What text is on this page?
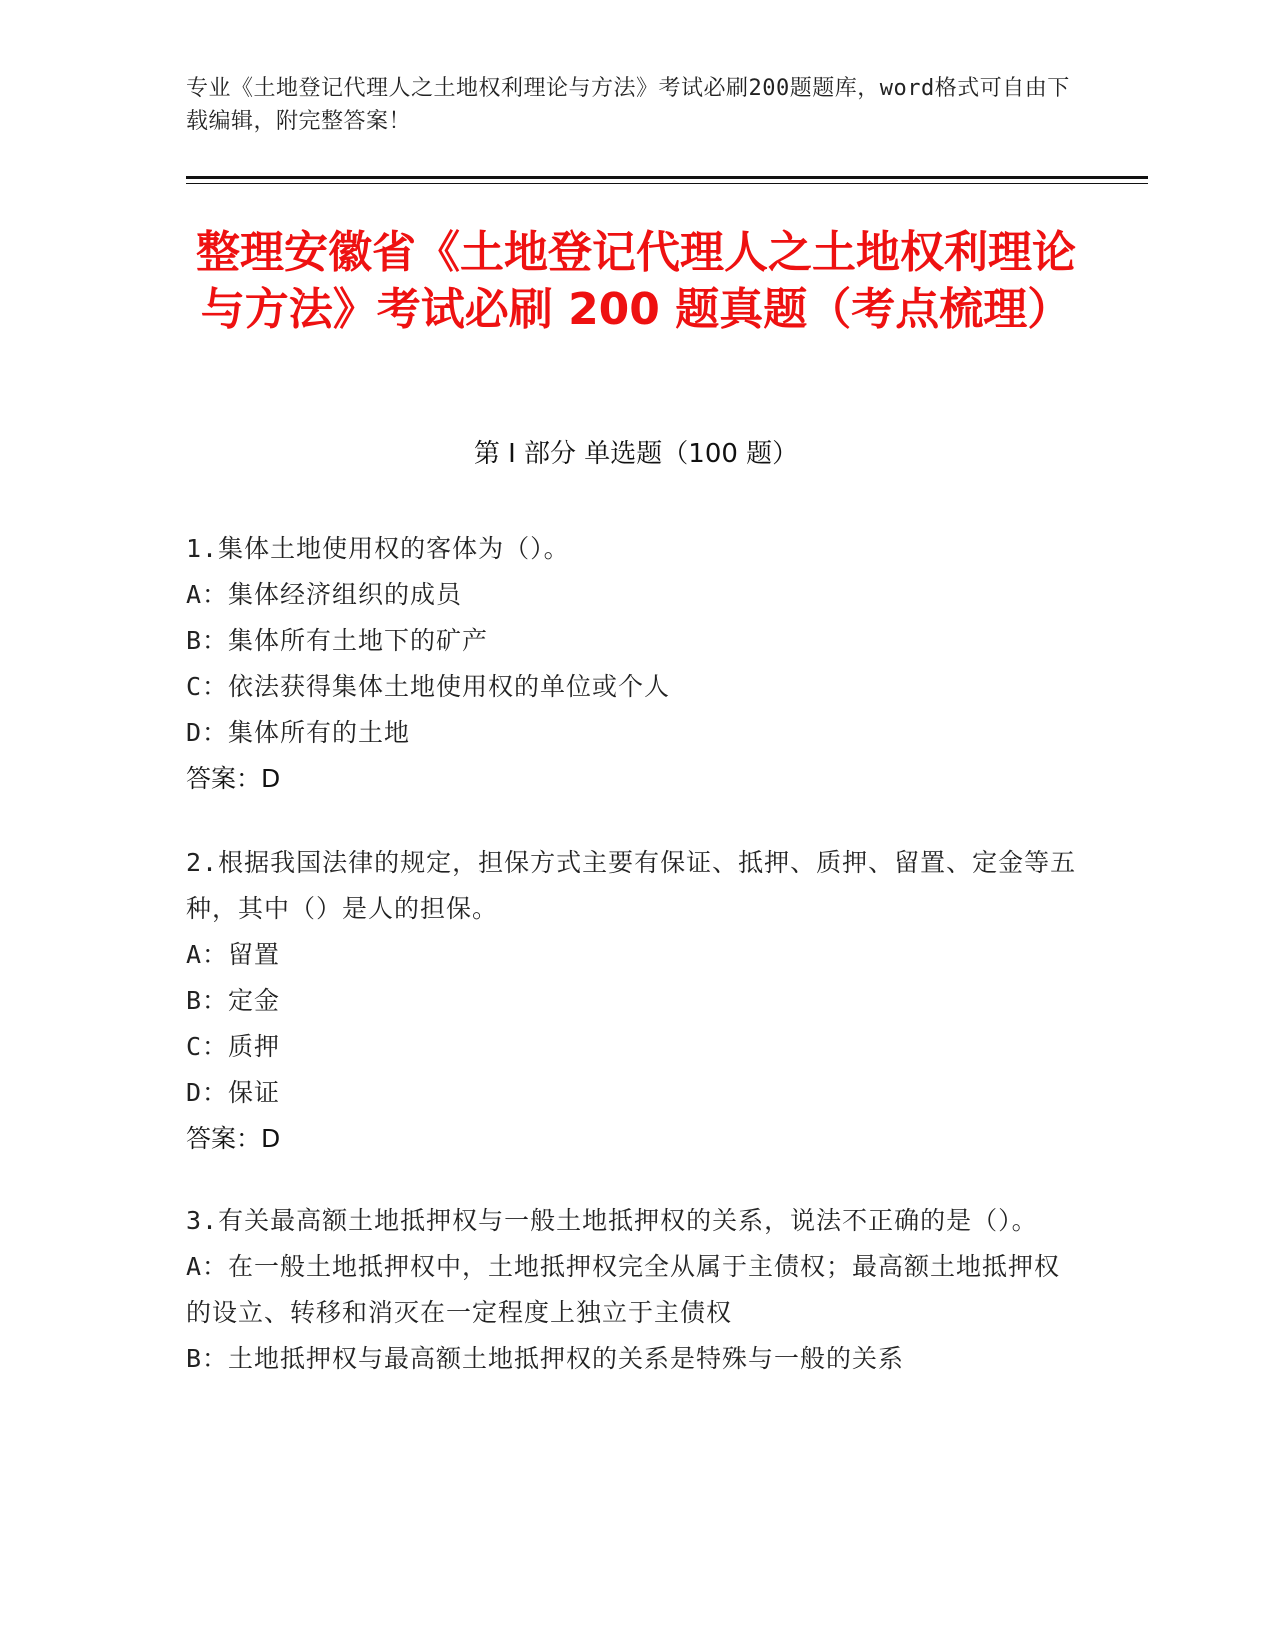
专业《土地登记代理人之土地权利理论与方法》考试必刷200题题库，word格式可自由下载编辑，附完整答案！
整理安徽省《土地登记代理人之土地权利理论与方法》考试必刷 200 题真题（考点梳理）
第 I 部分 单选题（100 题）
1.集体土地使用权的客体为（）。
A：集体经济组织的成员
B：集体所有土地下的矿产
C：依法获得集体土地使用权的单位或个人
D：集体所有的土地
答案：D
2.根据我国法律的规定，担保方式主要有保证、抵押、质押、留置、定金等五种，其中（）是人的担保。
A：留置
B：定金
C：质押
D：保证
答案：D
3.有关最高额土地抵押权与一般土地抵押权的关系，说法不正确的是（）。
A：在一般土地抵押权中，土地抵押权完全从属于主债权；最高额土地抵押权的设立、转移和消灭在一定程度上独立于主债权
B：土地抵押权与最高额土地抵押权的关系是特殊与一般的关系
